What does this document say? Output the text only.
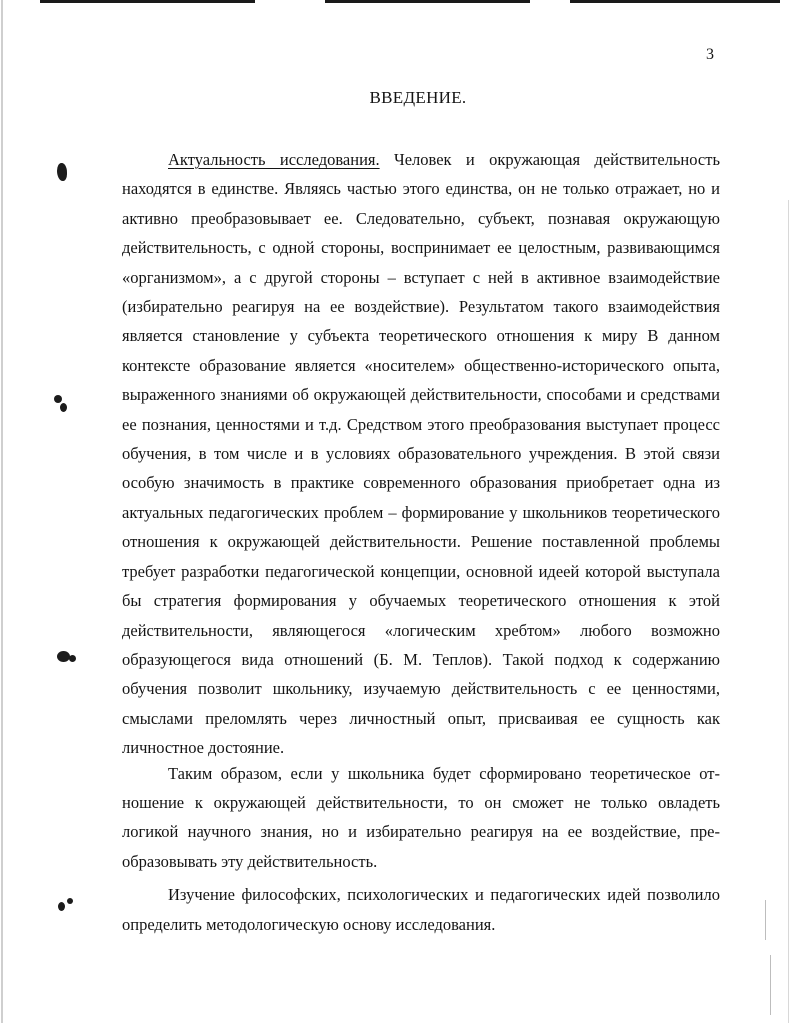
3
ВВЕДЕНИЕ.

Актуальность исследования. Человек и окружающая действительность находятся в единстве. Являясь частью этого единства, он не только отражает, но и активно преобразовывает ее. Следовательно, субъект, познавая окружающую действительность, с одной стороны, воспринимает ее целостным, развивающимся «организмом», а с другой стороны – вступает с ней в активное взаимодействие (избирательно реагируя на ее воздействие). Результатом такого взаимодействия является становление у субъекта теоретического отношения к миру В данном контексте образование является «носителем» общественно-исторического опыта, выраженного знаниями об окружающей действительности, способами и средствами ее познания, ценностями и т.д. Средством этого преобразования выступает процесс обучения, в том числе и в условиях образовательного учреждения. В этой связи особую значимость в практике современного образования приобретает одна из актуальных педагогических проблем – формирование у школьников теоретического отношения к окружающей действительности. Решение поставленной проблемы требует разработки педагогической концепции, основной идеей которой выступала бы стратегия формирования у обучаемых теоретического отношения к этой действительности, являющегося «логическим хребтом» любого возможно образующегося вида отношений (Б. М. Теплов). Такой подход к содержанию обучения позволит школьнику, изучаемую действительность с ее ценностями, смыслами преломлять через личностный опыт, присваивая ее сущность как личностное достояние.

Таким образом, если у школьника будет сформировано теоретическое отношение к окружающей действительности, то он сможет не только овладеть логикой научного знания, но и избирательно реагируя на ее воздействие, преобразовывать эту действительность.

Изучение философских, психологических и педагогических идей позволило определить методологическую основу исследования.
